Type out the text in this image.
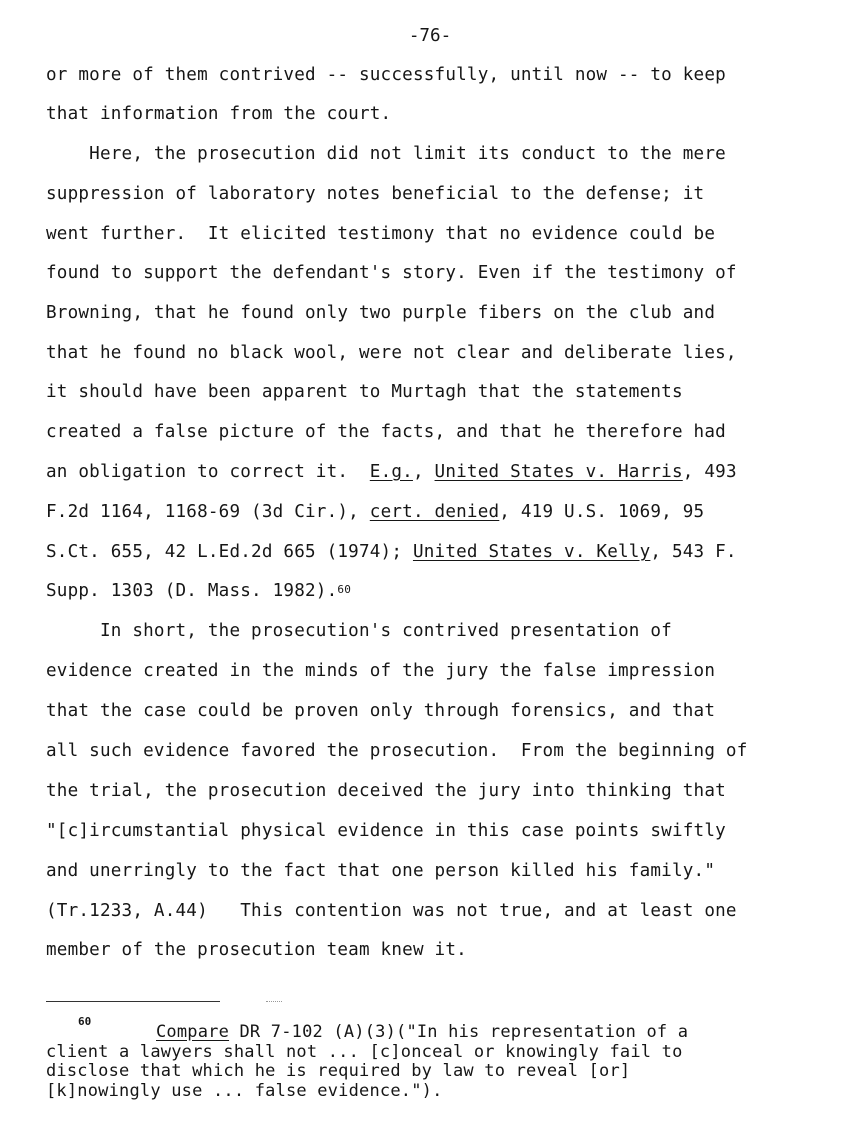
-76-
or more of them contrived -- successfully, until now -- to keep
that information from the court.
Here, the prosecution did not limit its conduct to the mere
suppression of laboratory notes beneficial to the defense; it
went further.  It elicited testimony that no evidence could be
found to support the defendant's story. Even if the testimony of
Browning, that he found only two purple fibers on the club and
that he found no black wool, were not clear and deliberate lies,
it should have been apparent to Murtagh that the statements
created a false picture of the facts, and that he therefore had
an obligation to correct it.  E.g., United States v. Harris, 493
F.2d 1164, 1168-69 (3d Cir.), cert. denied, 419 U.S. 1069, 95
S.Ct. 655, 42 L.Ed.2d 665 (1974); United States v. Kelly, 543 F.
Supp. 1303 (D. Mass. 1982).$^{60}$
In short, the prosecution's contrived presentation of
evidence created in the minds of the jury the false impression
that the case could be proven only through forensics, and that
all such evidence favored the prosecution.  From the beginning of
the trial, the prosecution deceived the jury into thinking that
"[c]ircumstantial physical evidence in this case points swiftly
and unerringly to the fact that one person killed his family."
(Tr.1233, A.44)   This contention was not true, and at least one
member of the prosecution team knew it.
60
Compare DR 7-102 (A)(3)("In his representation of a
client a lawyers shall not ... [c]onceal or knowingly fail to
disclose that which he is required by law to reveal [or]
[k]nowingly use ... false evidence.").
